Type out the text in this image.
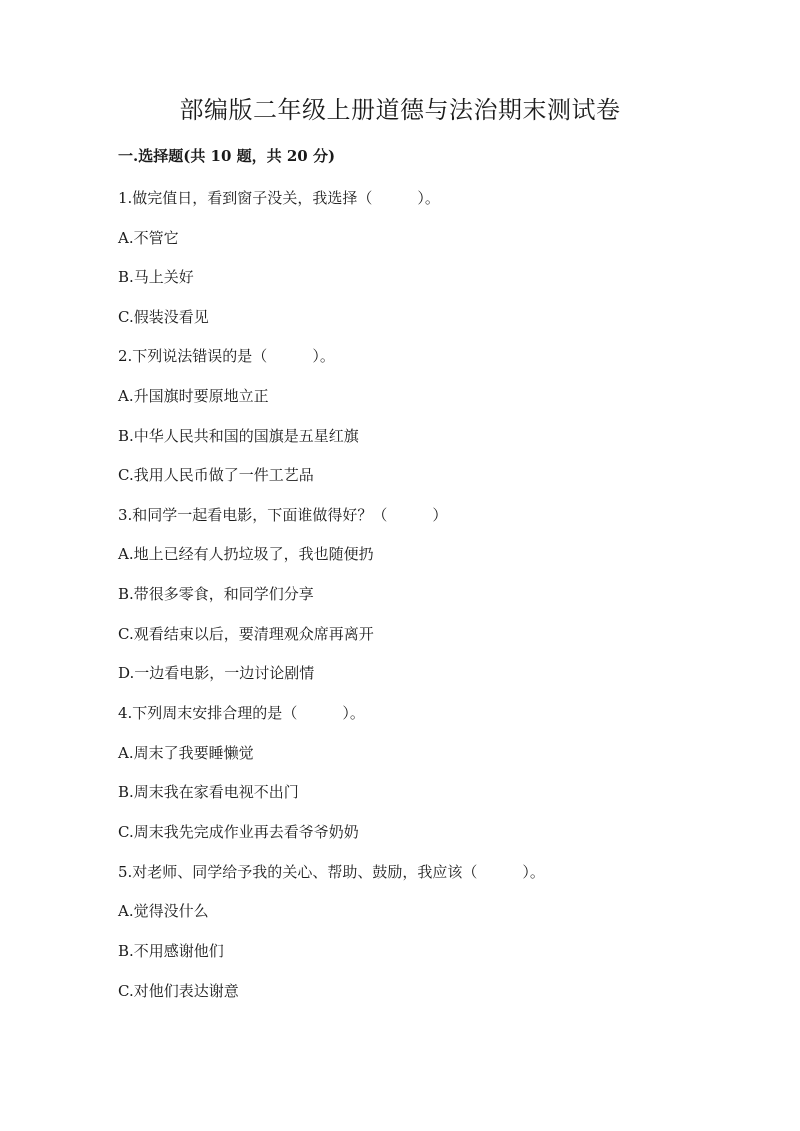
部编版二年级上册道德与法治期末测试卷
一.选择题(共 10 题，共 20 分)
1.做完值日，看到窗子没关，我选择（　　　）。
A.不管它
B.马上关好
C.假装没看见
2.下列说法错误的是（　　　）。
A.升国旗时要原地立正
B.中华人民共和国的国旗是五星红旗
C.我用人民币做了一件工艺品
3.和同学一起看电影，下面谁做得好？（　　　）
A.地上已经有人扔垃圾了，我也随便扔
B.带很多零食，和同学们分享
C.观看结束以后，要清理观众席再离开
D.一边看电影，一边讨论剧情
4.下列周末安排合理的是（　　　）。
A.周末了我要睡懒觉
B.周末我在家看电视不出门
C.周末我先完成作业再去看爷爷奶奶
5.对老师、同学给予我的关心、帮助、鼓励，我应该（　　　）。
A.觉得没什么
B.不用感谢他们
C.对他们表达谢意
